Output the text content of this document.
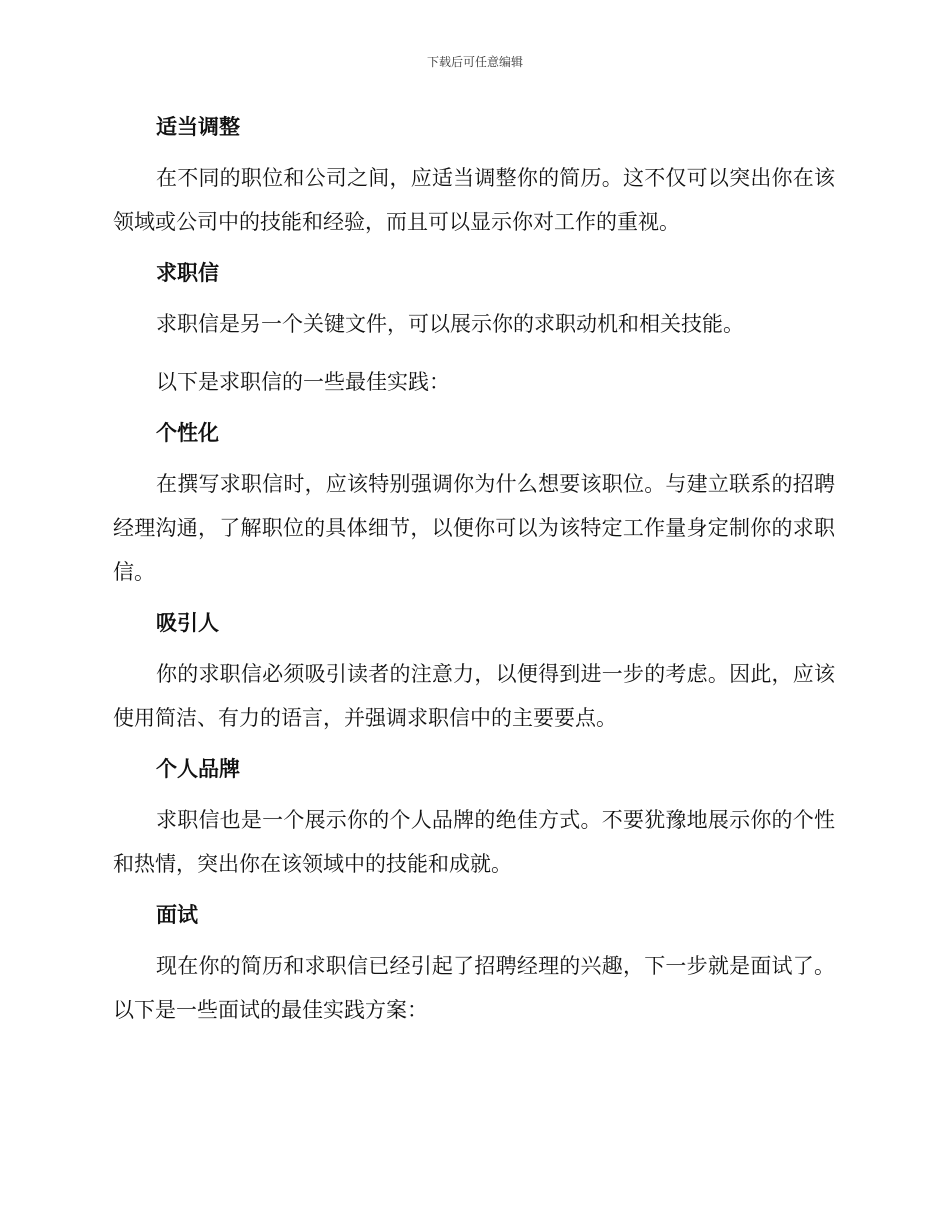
下载后可任意编辑

适当调整

在不同的职位和公司之间，应适当调整你的简历。这不仅可以突出你在该领域或公司中的技能和经验，而且可以显示你对工作的重视。

求职信

求职信是另一个关键文件，可以展示你的求职动机和相关技能。

以下是求职信的一些最佳实践：

个性化

在撰写求职信时，应该特别强调你为什么想要该职位。与建立联系的招聘经理沟通，了解职位的具体细节，以便你可以为该特定工作量身定制你的求职信。

吸引人

你的求职信必须吸引读者的注意力，以便得到进一步的考虑。因此，应该使用简洁、有力的语言，并强调求职信中的主要要点。

个人品牌

求职信也是一个展示你的个人品牌的绝佳方式。不要犹豫地展示你的个性和热情，突出你在该领域中的技能和成就。

面试

现在你的简历和求职信已经引起了招聘经理的兴趣，下一步就是面试了。以下是一些面试的最佳实践方案：
